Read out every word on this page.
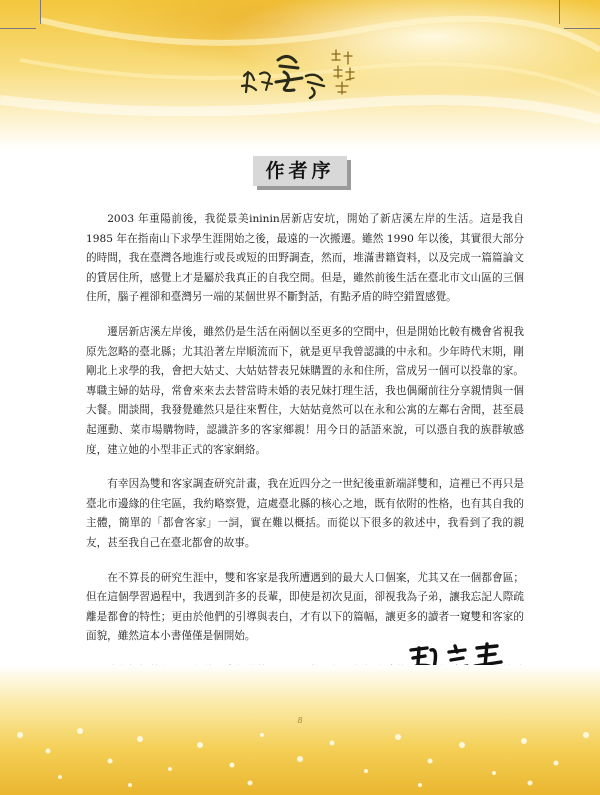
作者序

2003 年重陽前後，我從景美ininin居新店安坑，開始了新店溪左岸的生活。這是我自 1985 年在指南山下求學生涯開始之後，最遠的一次搬遷。雖然 1990 年以後，其實很大部分的時間，我在臺灣各地進行或長或短的田野調查，然而，堆滿書籍資料，以及完成一篇篇論文的賃居住所，感覺上才是屬於我真正的自我空間。但是，雖然前後生活在臺北市文山區的三個住所，腦子裡卻和臺灣另一端的某個世界不斷對話，有點矛盾的時空錯置感覺。

遷居新店溪左岸後，雖然仍是生活在兩個以至更多的空間中，但是開始比較有機會省視我原先忽略的臺北縣；尤其沿著左岸順流而下，就是更早我曾認識的中永和。少年時代末期，剛剛北上求學的我，會把大姑丈、大姑姑替表兄妹購置的永和住所，當成另一個可以投靠的家。專職主婦的姑母，常會來來去去替當時未婚的表兄妹打理生活，我也偶爾前往分享親情與一個大餐。閒談間，我發覺雖然只是往來暫住，大姑姑竟然可以在永和公寓的左鄰右舍間，甚至晨起運動、菜市場購物時，認識許多的客家鄉親！用今日的話語來說，可以憑自我的族群敏感度，建立她的小型非正式的客家網絡。

有幸因為雙和客家調查研究計畫，我在近四分之一世紀後重新端詳雙和，這裡已不再只是臺北市邊緣的住宅區，我約略察覺，這處臺北縣的核心之地，既有依附的性格，也有其自我的主體，簡單的「都會客家」一詞，實在難以概括。而從以下很多的敘述中，我看到了我的親友，甚至我自己在臺北都會的故事。

在不算長的研究生涯中，雙和客家是我所遭遇到的最大人口個案，尤其又在一個都會區；但在這個學習過程中，我遇到許多的長輩，即使是初次見面，卻視我為子弟，讓我忘記人際疏離是都會的特性；更由於他們的引導與表白，才有以下的篇幅，讓更多的讀者一窺雙和客家的面貌，雖然這本小書僅僅是個開始。

8
